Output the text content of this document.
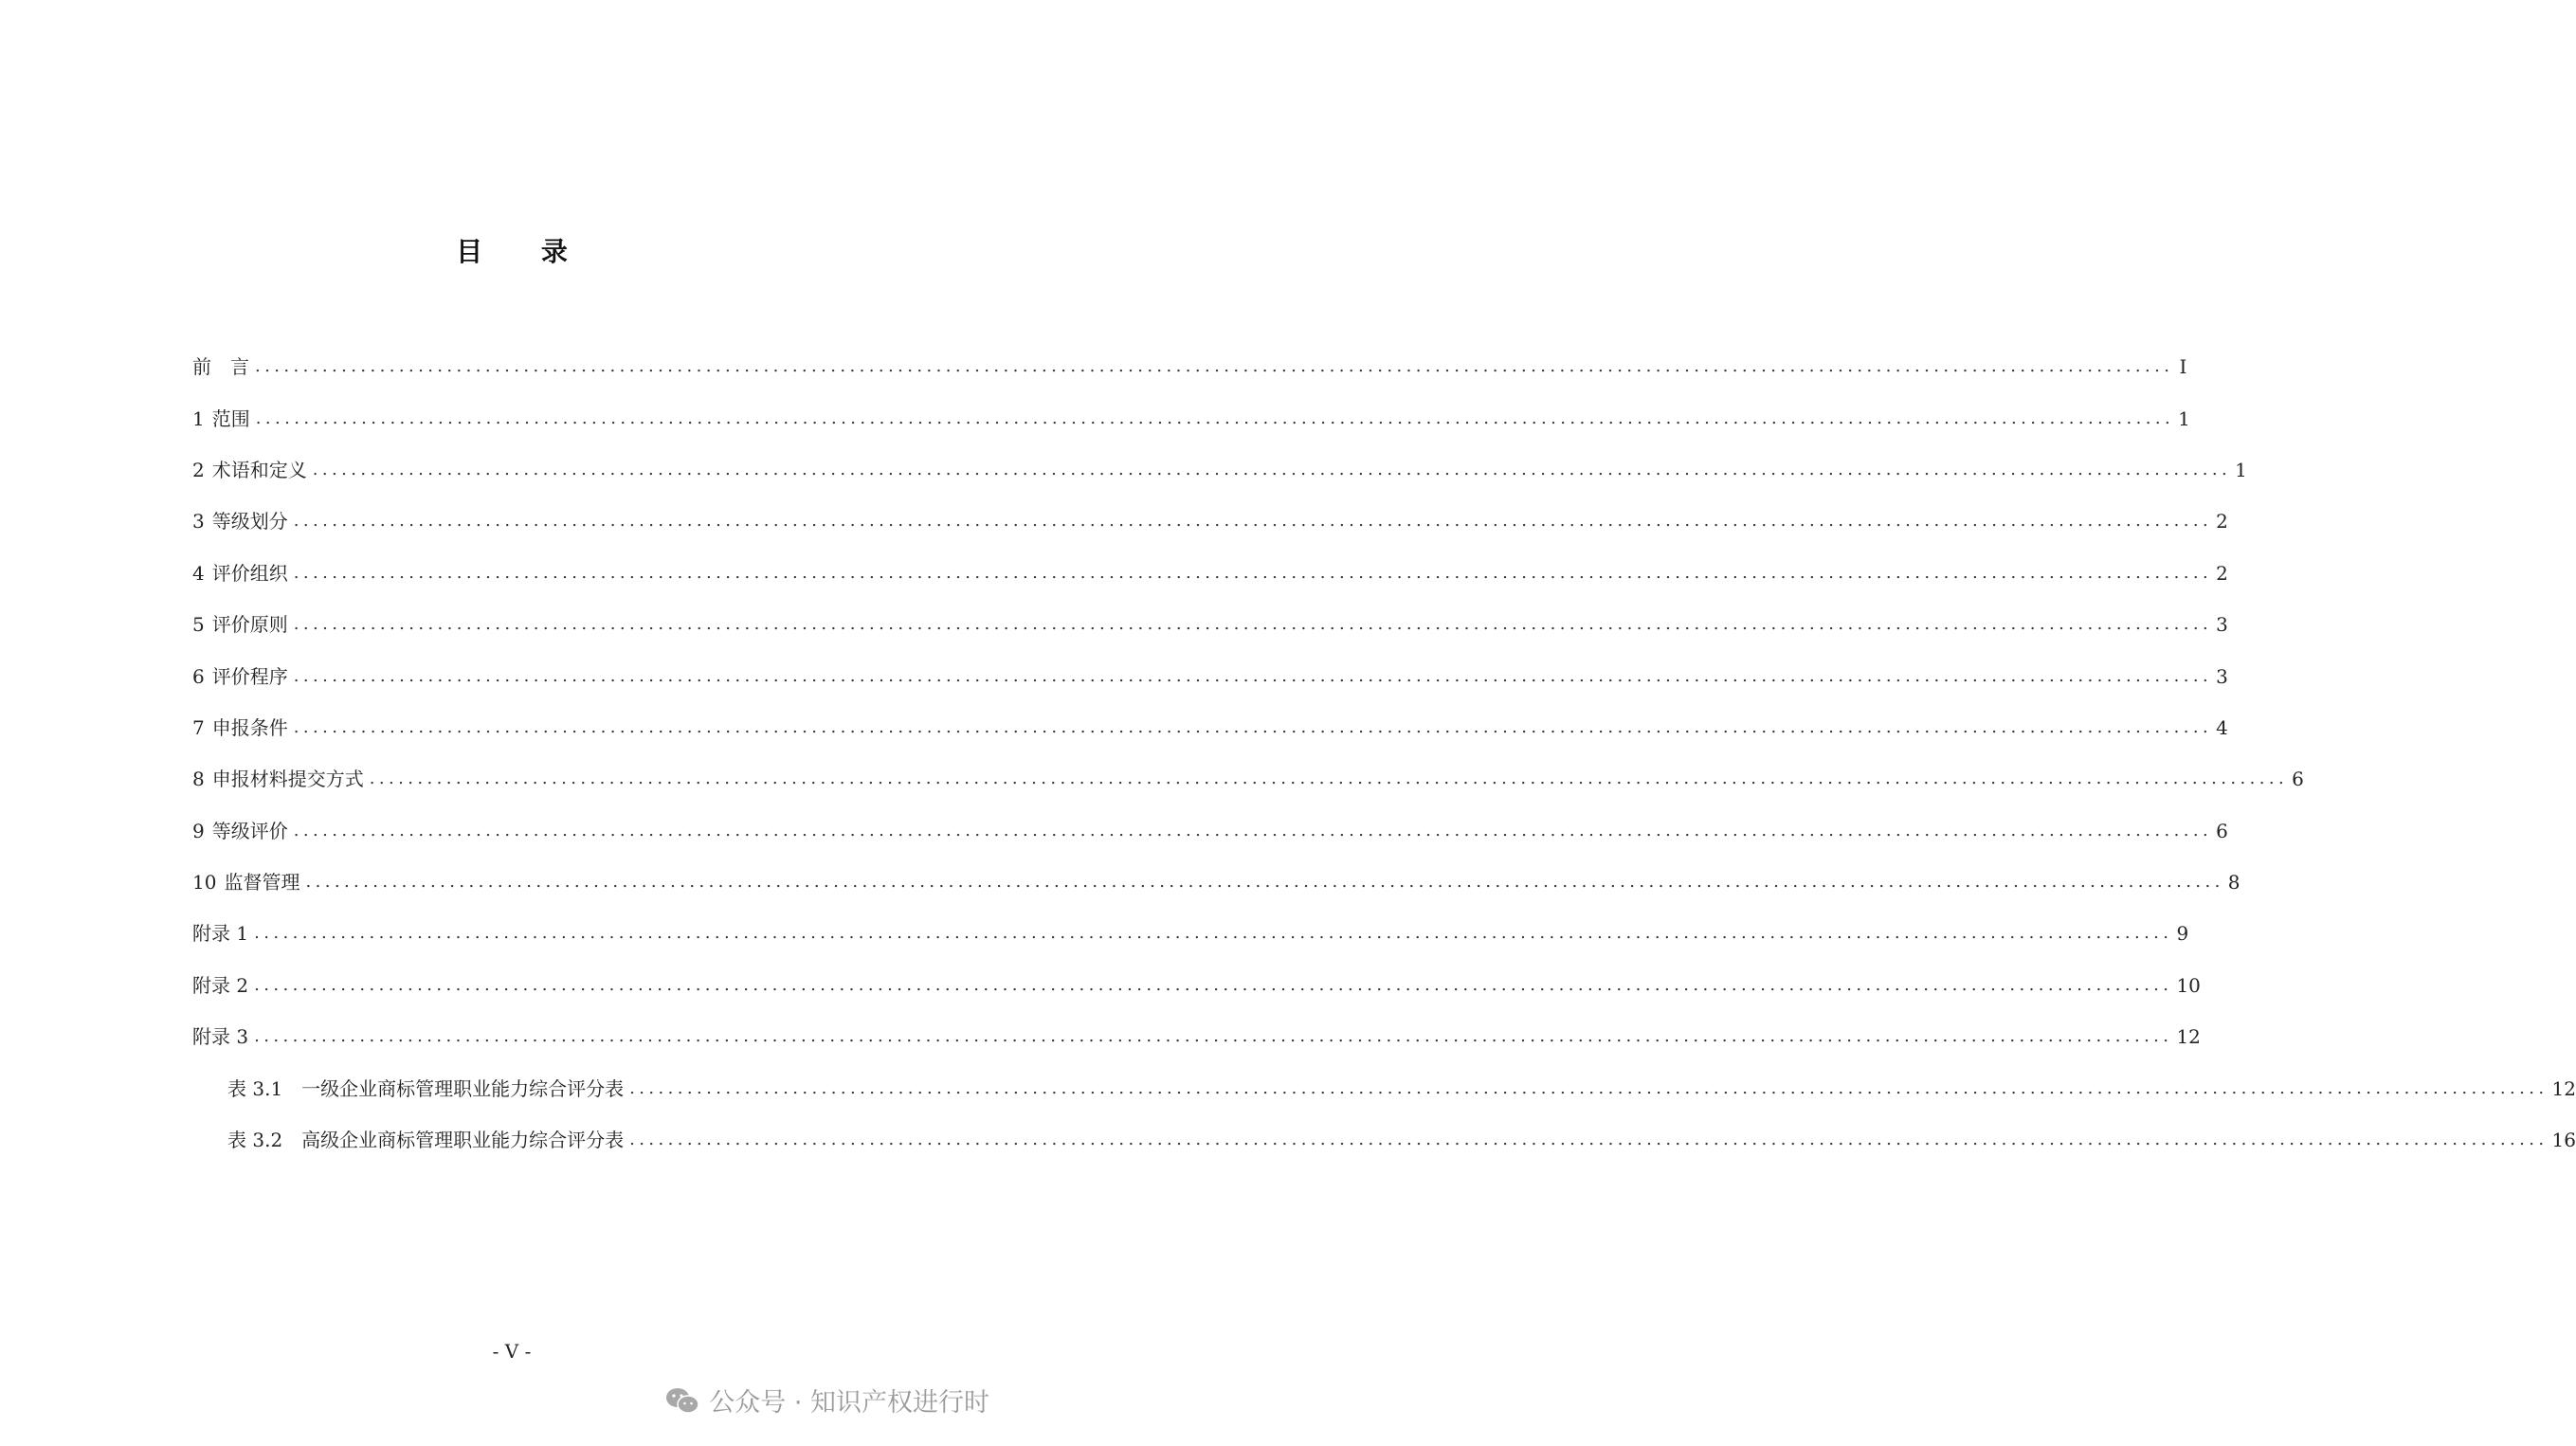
目 录
前　言 ........................................................................................................................................................................................................ I
1 范围 ........................................................................................................................................................................................................ 1
2 术语和定义 ........................................................................................................................................................................................................ 1
3 等级划分 ........................................................................................................................................................................................................ 2
4 评价组织 ........................................................................................................................................................................................................ 2
5 评价原则 ........................................................................................................................................................................................................ 3
6 评价程序 ........................................................................................................................................................................................................ 3
7 申报条件 ........................................................................................................................................................................................................ 4
8 申报材料提交方式 ........................................................................................................................................................................................................ 6
9 等级评价 ........................................................................................................................................................................................................ 6
10 监督管理 ........................................................................................................................................................................................................ 8
附录 1 ........................................................................................................................................................................................................ 9
附录 2 ........................................................................................................................................................................................................ 10
附录 3 ........................................................................................................................................................................................................ 12
表 3.1　一级企业商标管理职业能力综合评分表 ........................................................................................................................................................................................................ 12
表 3.2　高级企业商标管理职业能力综合评分表 ........................................................................................................................................................................................................ 16
- V -
公众号 · 知识产权进行时
